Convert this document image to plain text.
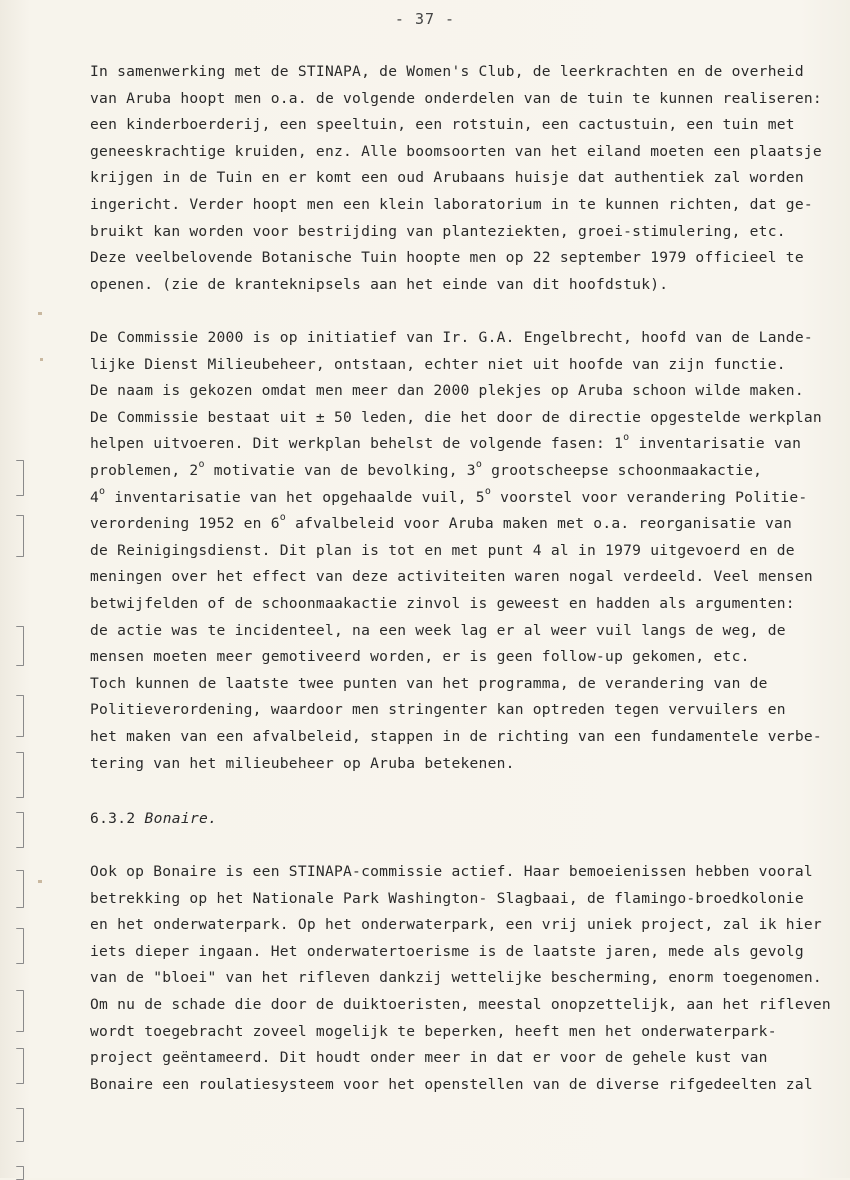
- 37 -
In samenwerking met de STINAPA, de Women's Club, de leerkrachten en de overheid
van Aruba hoopt men o.a. de volgende onderdelen van de tuin te kunnen realiseren:
een kinderboerderij, een speeltuin, een rotstuin, een cactustuin, een tuin met
geneeskrachtige kruiden, enz. Alle boomsoorten van het eiland moeten een plaatsje
krijgen in de Tuin en er komt een oud Arubaans huisje dat authentiek zal worden
ingericht. Verder hoopt men een klein laboratorium in te kunnen richten, dat ge-
bruikt kan worden voor bestrijding van planteziekten, groei-stimulering, etc.
Deze veelbelovende Botanische Tuin hoopte men op 22 september 1979 officieel te
openen. (zie de kranteknipsels aan het einde van dit hoofdstuk).
De Commissie 2000 is op initiatief van Ir. G.A. Engelbrecht, hoofd van de Lande-
lijke Dienst Milieubeheer, ontstaan, echter niet uit hoofde van zijn functie.
De naam is gekozen omdat men meer dan 2000 plekjes op Aruba schoon wilde maken.
De Commissie bestaat uit ± 50 leden, die het door de directie opgestelde werkplan
helpen uitvoeren. Dit werkplan behelst de volgende fasen: 1$^o$ inventarisatie van
problemen, 2$^o$ motivatie van de bevolking, 3$^o$ grootscheepse schoonmaakactie,
4$^o$ inventarisatie van het opgehaalde vuil, 5$^o$ voorstel voor verandering Politie-
verordening 1952 en 6$^o$ afvalbeleid voor Aruba maken met o.a. reorganisatie van
de Reinigingsdienst. Dit plan is tot en met punt 4 al in 1979 uitgevoerd en de
meningen over het effect van deze activiteiten waren nogal verdeeld. Veel mensen
betwijfelden of de schoonmaakactie zinvol is geweest en hadden als argumenten:
de actie was te incidenteel, na een week lag er al weer vuil langs de weg, de
mensen moeten meer gemotiveerd worden, er is geen follow-up gekomen, etc.
Toch kunnen de laatste twee punten van het programma, de verandering van de
Politieverordening, waardoor men stringenter kan optreden tegen vervuilers en
het maken van een afvalbeleid, stappen in de richting van een fundamentele verbe-
tering van het milieubeheer op Aruba betekenen.
6.3.2 Bonaire.
Ook op Bonaire is een STINAPA-commissie actief. Haar bemoeienissen hebben vooral
betrekking op het Nationale Park Washington- Slagbaai, de flamingo-broedkolonie
en het onderwaterpark. Op het onderwaterpark, een vrij uniek project, zal ik hier
iets dieper ingaan. Het onderwatertoerisme is de laatste jaren, mede als gevolg
van de "bloei" van het rifleven dankzij wettelijke bescherming, enorm toegenomen.
Om nu de schade die door de duiktoeristen, meestal onopzettelijk, aan het rifleven
wordt toegebracht zoveel mogelijk te beperken, heeft men het onderwaterpark-
project geëntameerd. Dit houdt onder meer in dat er voor de gehele kust van
Bonaire een roulatiesysteem voor het openstellen van de diverse rifgedeelten zal
